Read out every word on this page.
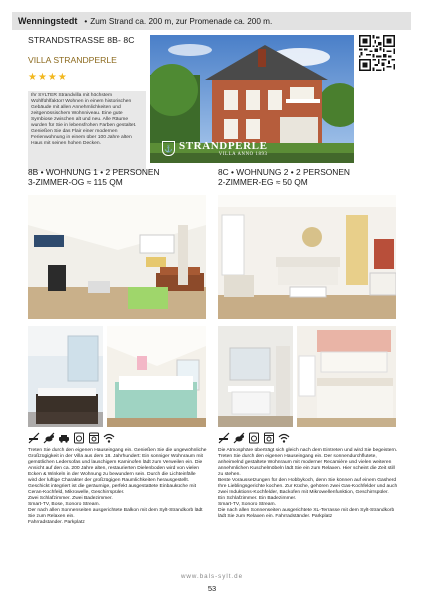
Wenningstedt • Zum Strand ca. 200 m, zur Promenade ca. 200 m.
STRANDSTRASSE 8B- 8C
VILLA STRANDPERLE
★★★★
Ihr SYLTER Strandvilla mit höchstem Wohlfühlfaktor! Wohnen in einem historischen Gebäude mit allen Annehmlichkeiten und zeitgenössischem Wohnniveau. Eine gute Symbiose zwischen alt und neu. Alle Räume wurden für Sie in lebensfrohen Farben gestaltet. Genießen Sie das Flair einer modernen Ferienwohnung in einem über 100 Jahre alten Haus mit seinen hohen Decken.
⚓ STRANDPERLE
VILLA ANNO 1893
8B • WOHNUNG 1 • 2 PERSONEN
3-ZIMMER-OG ≈ 115 QM
8C • WOHNUNG 2 • 2 PERSONEN
2-ZIMMER-EG ≈ 50 QM
Treten Sie durch den eigenen Hauseingang ein. Genießen Sie die ungewöhnliche Großzügigkeit in der Villa aus dem 18. Jahrhundert: Ein sonniger Wohnraum mit gemütlichen Ledersofas und lauschigem Kaminofen lädt zum Verweilen ein. Die Ansicht auf den ca. 200 Jahre alten, restaurierten Dielenboden wird von vielen Ecken & Winkeln in der Wohnung zu bewundern sein. Durch die Lichteinfälle
wird der luftige Charakter der großzügigen Raumlichkeiten herausgestellt.
Geschickt integriert ist die geräumige, perfekt ausgestattete Einbauküche mit Ceran-Kochfeld, Mikrowelle, Geschirrspüler.
Zwei Schlafzimmer. Zwei Badezimmer.
Smart-TV, Bose, Sonoro Stream.
Der nach allen Sonnenseiten ausgerichtete Balkon mit dem Sylt-Strandkorb lädt Sie zum Relaxen ein.
Fahrradstander. Parkplatz
Die Atmosphäre überträgt sich gleich nach dem Eintreten und wird Sie begeistern. Treten Sie durch den eigenen Hauseingang ein. Der sonnendurchflutete, anheimelnd gestaltete Wohnraum mit moderner Recamière und vielen weiteren annehmlichen Kuschelmöbeln lädt Sie ein zum Relaxen. Hier scheint die Zeit still zu stehen.
Beste Voraussetzungen für den Hobbykoch, denn Sie können auf einem Gasherd Ihre Lieblingsgerichte kochen. Zur Küche, gehören zwei Gas-Kochfelder und auch zwei Induktions-Kochfelder, Backofen mit Mikrowellenfunktion, Geschirrspüler.
Ein Schlafzimmer. Ein Badezimmer.
Smart-TV, Sonoro Stream.
Die nach allen Sonnenseiten ausgerichtete XL-Terrasse mit dem Sylt-Strandkorb lädt Sie zum Relaxen ein. Fahrradständer. Parkplatz
www.bals-sylt.de
53
